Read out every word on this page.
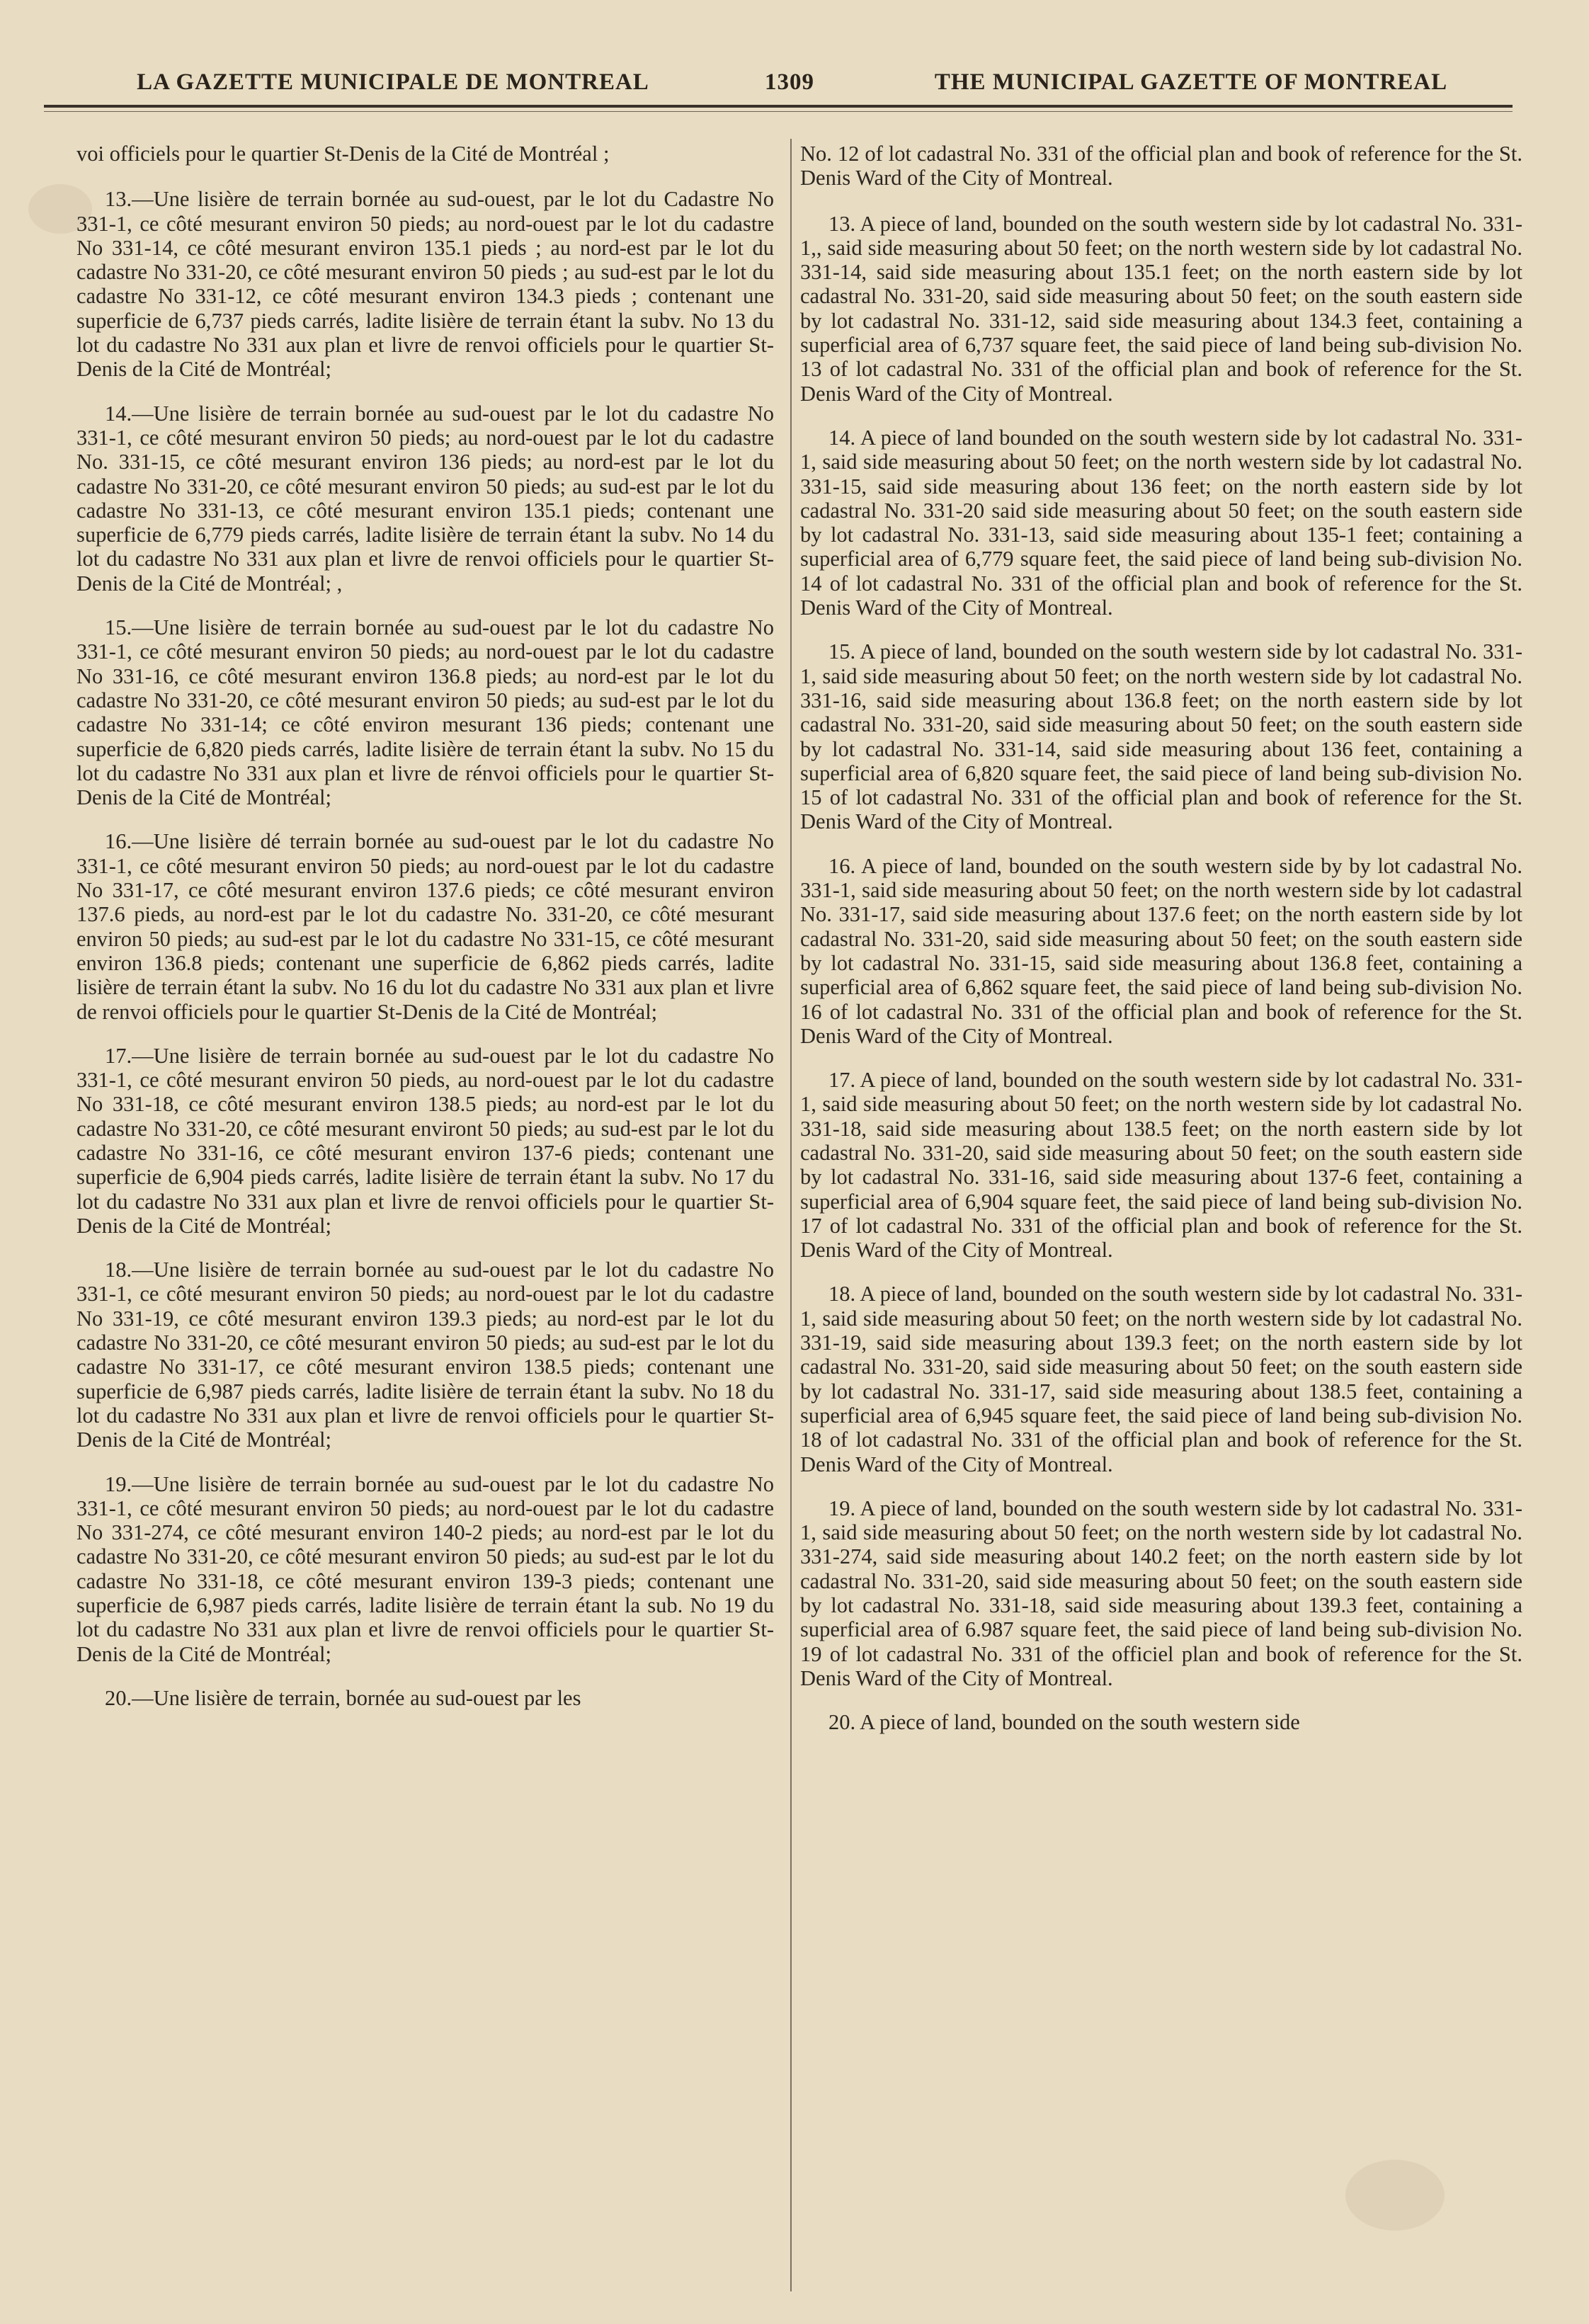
LA GAZETTE MUNICIPALE DE MONTREAL	1309	THE MUNICIPAL GAZETTE OF MONTREAL

voi officiels pour le quartier St-Denis de la Cité de Montréal ;

13.—Une lisière de terrain bornée au sud-ouest, par le lot du Cadastre No 331-1, ce côté mesurant environ 50 pieds; au nord-ouest par le lot du cadastre No 331-14, ce côté mesurant environ 135.1 pieds ; au nord-est par le lot du cadastre No 331-20, ce côté mesurant environ 50 pieds ; au sud-est par le lot du cadastre No 331-12, ce côté mesurant environ 134.3 pieds ; contenant une superficie de 6,737 pieds carrés, ladite lisière de terrain étant la subv. No 13 du lot du cadastre No 331 aux plan et livre de renvoi officiels pour le quartier St-Denis de la Cité de Montréal;

14.—Une lisière de terrain bornée au sud-ouest par le lot du cadastre No 331-1, ce côté mesurant environ 50 pieds; au nord-ouest par le lot du cadastre No. 331-15, ce côté mesurant environ 136 pieds; au nord-est par le lot du cadastre No 331-20, ce côté mesurant environ 50 pieds; au sud-est par le lot du cadastre No 331-13, ce côté mesurant environ 135.1 pieds; contenant une superficie de 6,779 pieds carrés, ladite lisière de terrain étant la subv. No 14 du lot du cadastre No 331 aux plan et livre de renvoi officiels pour le quartier St-Denis de la Cité de Montréal; ,

15.—Une lisière de terrain bornée au sud-ouest par le lot du cadastre No 331-1, ce côté mesurant environ 50 pieds; au nord-ouest par le lot du cadastre No 331-16, ce côté mesurant environ 136.8 pieds; au nord-est par le lot du cadastre No 331-20, ce côté mesurant environ 50 pieds; au sud-est par le lot du cadastre No 331-14; ce côté environ mesurant 136 pieds; contenant une superficie de 6,820 pieds carrés, ladite lisière de terrain étant la subv. No 15 du lot du cadastre No 331 aux plan et livre de rénvoi officiels pour le quartier St-Denis de la Cité de Montréal;

16.—Une lisière dé terrain bornée au sud-ouest par le lot du cadastre No 331-1, ce côté mesurant environ 50 pieds; au nord-ouest par le lot du cadastre No 331-17, ce côté mesurant environ 137.6 pieds; ce côté mesurant environ 137.6 pieds, au nord-est par le lot du cadastre No. 331-20, ce côté mesurant environ 50 pieds; au sud-est par le lot du cadastre No 331-15, ce côté mesurant environ 136.8 pieds; contenant une superficie de 6,862 pieds carrés, ladite lisière de terrain étant la subv. No 16 du lot du cadastre No 331 aux plan et livre de renvoi officiels pour le quartier St-Denis de la Cité de Montréal;

17.—Une lisière de terrain bornée au sud-ouest par le lot du cadastre No 331-1, ce côté mesurant environ 50 pieds, au nord-ouest par le lot du cadastre No 331-18, ce côté mesurant environ 138.5 pieds; au nord-est par le lot du cadastre No 331-20, ce côté mesurant environt 50 pieds; au sud-est par le lot du cadastre No 331-16, ce côté mesurant environ 137-6 pieds; contenant une superficie de 6,904 pieds carrés, ladite lisière de terrain étant la subv. No 17 du lot du cadastre No 331 aux plan et livre de renvoi officiels pour le quartier St-Denis de la Cité de Montréal;

18.—Une lisière de terrain bornée au sud-ouest par le lot du cadastre No 331-1, ce côté mesurant environ 50 pieds; au nord-ouest par le lot du cadastre No 331-19, ce côté mesurant environ 139.3 pieds; au nord-est par le lot du cadastre No 331-20, ce côté mesurant environ 50 pieds; au sud-est par le lot du cadastre No 331-17, ce côté mesurant environ 138.5 pieds; contenant une superficie de 6,987 pieds carrés, ladite lisière de terrain étant la subv. No 18 du lot du cadastre No 331 aux plan et livre de renvoi officiels pour le quartier St-Denis de la Cité de Montréal;

19.—Une lisière de terrain bornée au sud-ouest par le lot du cadastre No 331-1, ce côté mesurant environ 50 pieds; au nord-ouest par le lot du cadastre No 331-274, ce côté mesurant environ 140-2 pieds; au nord-est par le lot du cadastre No 331-20, ce côté mesurant environ 50 pieds; au sud-est par le lot du cadastre No 331-18, ce côté mesurant environ 139-3 pieds; contenant une superficie de 6,987 pieds carrés, ladite lisière de terrain étant la sub. No 19 du lot du cadastre No 331 aux plan et livre de renvoi officiels pour le quartier St-Denis de la Cité de Montréal;

20.—Une lisière de terrain, bornée au sud-ouest par les

No. 12 of lot cadastral No. 331 of the official plan and book of reference for the St. Denis Ward of the City of Montreal.

13. A piece of land, bounded on the south western side by lot cadastral No. 331-1,, said side measuring about 50 feet; on the north western side by lot cadastral No. 331-14, said side measuring about 135.1 feet; on the north eastern side by lot cadastral No. 331-20, said side measuring about 50 feet; on the south eastern side by lot cadastral No. 331-12, said side measuring about 134.3 feet, containing a superficial area of 6,737 square feet, the said piece of land being sub-division No. 13 of lot cadastral No. 331 of the official plan and book of reference for the St. Denis Ward of the City of Montreal.

14. A piece of land bounded on the south western side by lot cadastral No. 331-1, said side measuring about 50 feet; on the north western side by lot cadastral No. 331-15, said side measuring about 136 feet; on the north eastern side by lot cadastral No. 331-20 said side measuring about 50 feet; on the south eastern side by lot cadastral No. 331-13, said side measuring about 135-1 feet; containing a superficial area of 6,779 square feet, the said piece of land being sub-division No. 14 of lot cadastral No. 331 of the official plan and book of reference for the St. Denis Ward of the City of Montreal.

15. A piece of land, bounded on the south western side by lot cadastral No. 331-1, said side measuring about 50 feet; on the north western side by lot cadastral No. 331-16, said side measuring about 136.8 feet; on the north eastern side by lot cadastral No. 331-20, said side measuring about 50 feet; on the south eastern side by lot cadastral No. 331-14, said side measuring about 136 feet, containing a superficial area of 6,820 square feet, the said piece of land being sub-division No. 15 of lot cadastral No. 331 of the official plan and book of reference for the St. Denis Ward of the City of Montreal.

16. A piece of land, bounded on the south western side by by lot cadastral No. 331-1, said side measuring about 50 feet; on the north western side by lot cadastral No. 331-17, said side measuring about 137.6 feet; on the north eastern side by lot cadastral No. 331-20, said side measuring about 50 feet; on the south eastern side by lot cadastral No. 331-15, said side measuring about 136.8 feet, containing a superficial area of 6,862 square feet, the said piece of land being sub-division No. 16 of lot cadastral No. 331 of the official plan and book of reference for the St. Denis Ward of the City of Montreal.

17. A piece of land, bounded on the south western side by lot cadastral No. 331-1, said side measuring about 50 feet; on the north western side by lot cadastral No. 331-18, said side measuring about 138.5 feet; on the north eastern side by lot cadastral No. 331-20, said side measuring about 50 feet; on the south eastern side by lot cadastral No. 331-16, said side measuring about 137-6 feet, containing a superficial area of 6,904 square feet, the said piece of land being sub-division No. 17 of lot cadastral No. 331 of the official plan and book of reference for the St. Denis Ward of the City of Montreal.

18. A piece of land, bounded on the south western side by lot cadastral No. 331-1, said side measuring about 50 feet; on the north western side by lot cadastral No. 331-19, said side measuring about 139.3 feet; on the north eastern side by lot cadastral No. 331-20, said side measuring about 50 feet; on the south eastern side by lot cadastral No. 331-17, said side measuring about 138.5 feet, containing a superficial area of 6,945 square feet, the said piece of land being sub-division No. 18 of lot cadastral No. 331 of the official plan and book of reference for the St. Denis Ward of the City of Montreal.

19. A piece of land, bounded on the south western side by lot cadastral No. 331-1, said side measuring about 50 feet; on the north western side by lot cadastral No. 331-274, said side measuring about 140.2 feet; on the north eastern side by lot cadastral No. 331-20, said side measuring about 50 feet; on the south eastern side by lot cadastral No. 331-18, said side measuring about 139.3 feet, containing a superficial area of 6.987 square feet, the said piece of land being sub-division No. 19 of lot cadastral No. 331 of the officiel plan and book of reference for the St. Denis Ward of the City of Montreal.

20. A piece of land, bounded on the south western side
